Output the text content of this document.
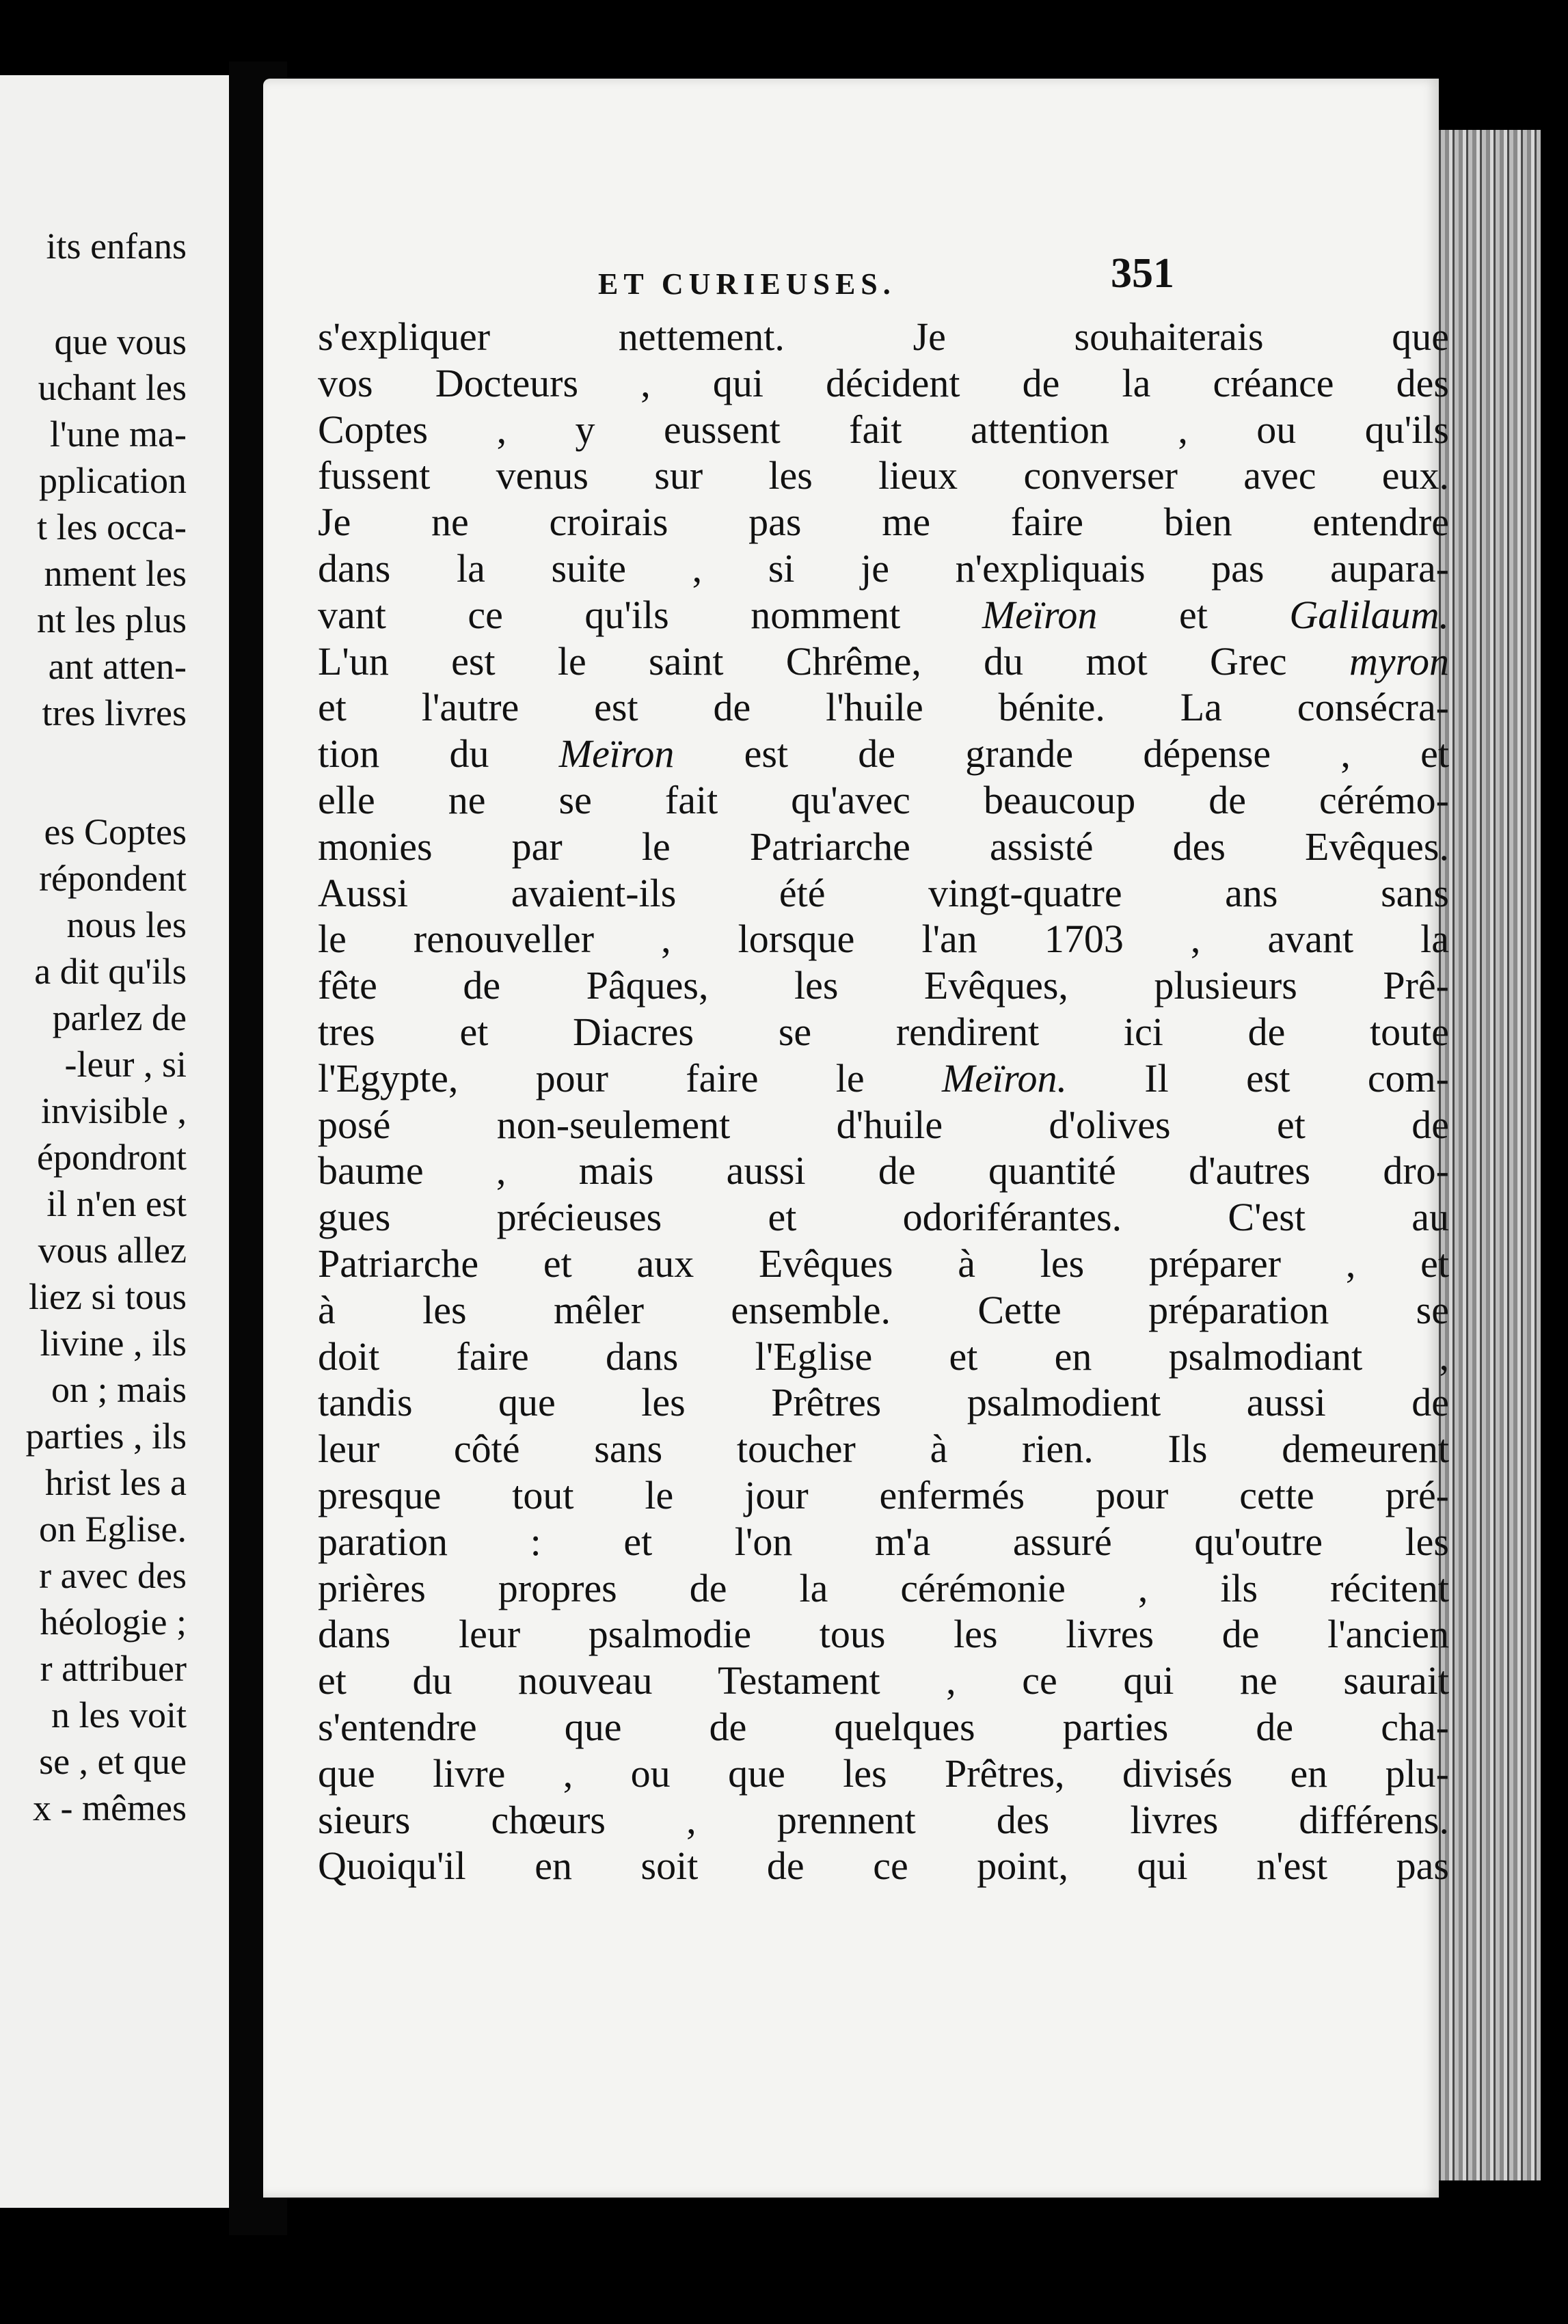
its enfans
que vous
uchant les
l'une ma-
pplication
t les occa-
nment les
nt les plus
ant atten-
tres livres
es Coptes
répondent
nous les
a dit qu'ils
parlez de
-leur , si
invisible ,
épondront
il n'en est
vous allez
liez si tous
livine , ils
on ; mais
parties , ils
hrist les a
on Eglise.
r avec des
héologie ;
r attribuer
n les voit
se , et que
x - mêmes
ET CURIEUSES.	351
s'expliquer nettement. Je souhaiterais que
vos Docteurs , qui décident de la créance des
Coptes , y eussent fait attention , ou qu'ils
fussent venus sur les lieux converser avec eux.
Je ne croirais pas me faire bien entendre
dans la suite , si je n'expliquais pas aupara-
vant ce qu'ils nomment Meïron et Galilaum.
L'un est le saint Chrême, du mot Grec myron
et l'autre est de l'huile bénite. La consécra-
tion du Meïron est de grande dépense , et
elle ne se fait qu'avec beaucoup de cérémo-
monies par le Patriarche assisté des Evêques.
Aussi avaient-ils été vingt-quatre ans sans
le renouveller , lorsque l'an 1703 , avant la
fête de Pâques, les Evêques, plusieurs Prê-
tres et Diacres se rendirent ici de toute
l'Egypte, pour faire le Meïron. Il est com-
posé non-seulement d'huile d'olives et de
baume , mais aussi de quantité d'autres dro-
gues précieuses et odoriférantes. C'est au
Patriarche et aux Evêques à les préparer , et
à les mêler ensemble. Cette préparation se
doit faire dans l'Eglise et en psalmodiant ,
tandis que les Prêtres psalmodient aussi de
leur côté sans toucher à rien. Ils demeurent
presque tout le jour enfermés pour cette pré-
paration : et l'on m'a assuré qu'outre les
prières propres de la cérémonie , ils récitent
dans leur psalmodie tous les livres de l'ancien
et du nouveau Testament , ce qui ne saurait
s'entendre que de quelques parties de cha-
que livre , ou que les Prêtres, divisés en plu-
sieurs chœurs , prennent des livres différens.
Quoiqu'il en soit de ce point, qui n'est pas
